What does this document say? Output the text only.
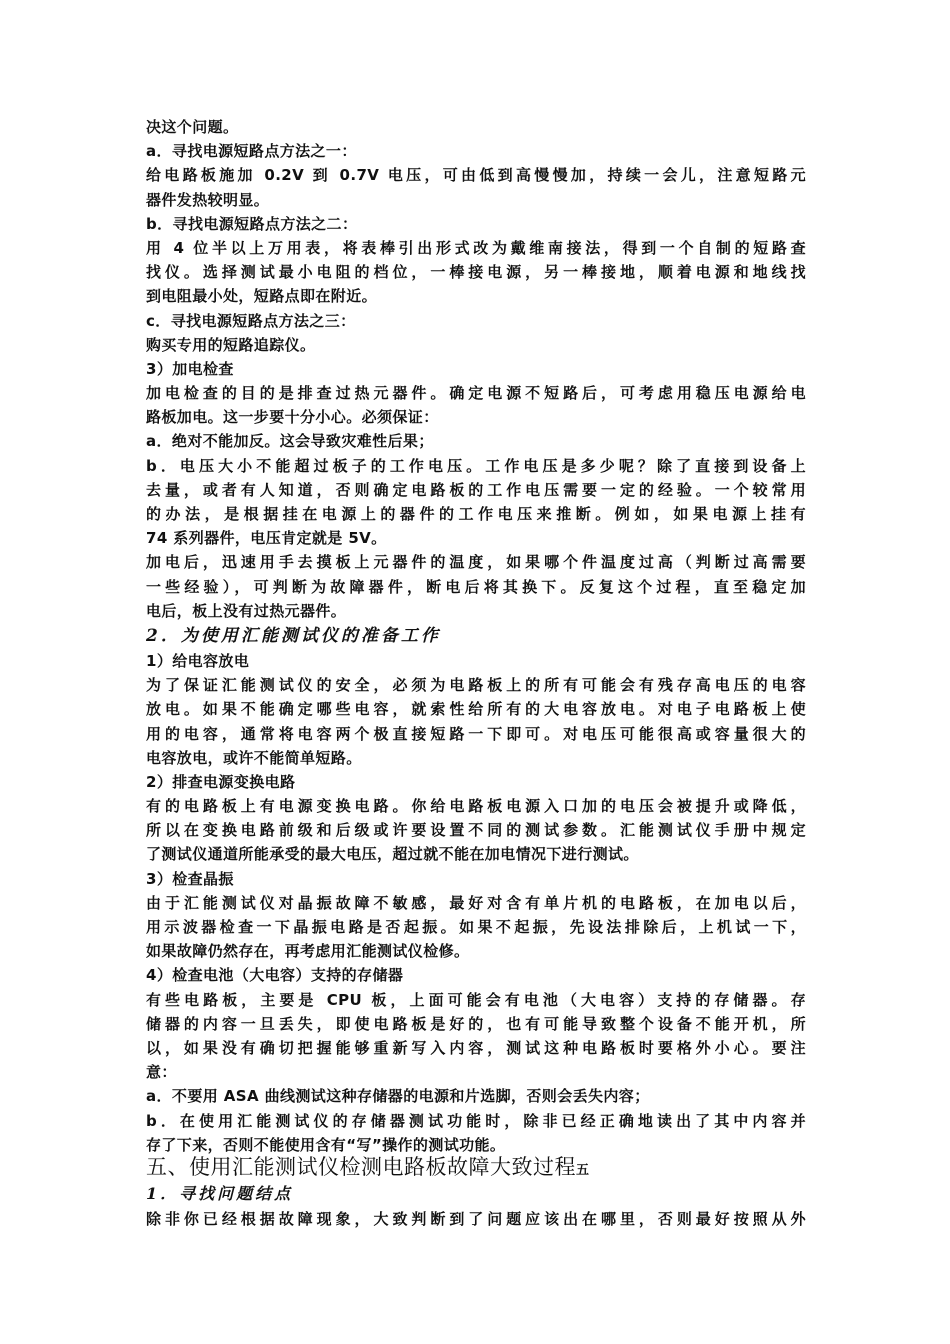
决这个问题。
a．寻找电源短路点方法之一：
给电路板施加 0.2V 到 0.7V 电压，可由低到高慢慢加，持续一会儿，注意短路元
器件发热较明显。
b．寻找电源短路点方法之二：
用 4 位半以上万用表，将表棒引出形式改为戴维南接法，得到一个自制的短路查
找仪。选择测试最小电阻的档位，一棒接电源，另一棒接地，顺着电源和地线找
到电阻最小处，短路点即在附近。
c．寻找电源短路点方法之三：
购买专用的短路追踪仪。
3）加电检查
加电检查的目的是排查过热元器件。确定电源不短路后，可考虑用稳压电源给电
路板加电。这一步要十分小心。必须保证：
a．绝对不能加反。这会导致灾难性后果；
b．电压大小不能超过板子的工作电压。工作电压是多少呢？除了直接到设备上
去量，或者有人知道，否则确定电路板的工作电压需要一定的经验。一个较常用
的办法，是根据挂在电源上的器件的工作电压来推断。例如，如果电源上挂有
74 系列器件，电压肯定就是 5V。
加电后，迅速用手去摸板上元器件的温度，如果哪个件温度过高（判断过高需要
一些经验），可判断为故障器件，断电后将其换下。反复这个过程，直至稳定加
电后，板上没有过热元器件。
2．为使用汇能测试仪的准备工作
1）给电容放电
为了保证汇能测试仪的安全，必须为电路板上的所有可能会有残存高电压的电容
放电。如果不能确定哪些电容，就索性给所有的大电容放电。对电子电路板上使
用的电容，通常将电容两个极直接短路一下即可。对电压可能很高或容量很大的
电容放电，或许不能简单短路。
2）排查电源变换电路
有的电路板上有电源变换电路。你给电路板电源入口加的电压会被提升或降低，
所以在变换电路前级和后级或许要设置不同的测试参数。汇能测试仪手册中规定
了测试仪通道所能承受的最大电压，超过就不能在加电情况下进行测试。
3）检查晶振
由于汇能测试仪对晶振故障不敏感，最好对含有单片机的电路板，在加电以后，
用示波器检查一下晶振电路是否起振。如果不起振，先设法排除后，上机试一下，
如果故障仍然存在，再考虑用汇能测试仪检修。
4）检查电池（大电容）支持的存储器
有些电路板，主要是 CPU 板，上面可能会有电池（大电容）支持的存储器。存
储器的内容一旦丢失，即使电路板是好的，也有可能导致整个设备不能开机，所
以，如果没有确切把握能够重新写入内容，测试这种电路板时要格外小心。要注
意：
a．不要用 ASA 曲线测试这种存储器的电源和片选脚，否则会丢失内容；
b．在使用汇能测试仪的存储器测试功能时，除非已经正确地读出了其中内容并
存了下来，否则不能使用含有“写”操作的测试功能。
五、使用汇能测试仪检测电路板故障大致过程五
1．寻找问题结点
除非你已经根据故障现象，大致判断到了问题应该出在哪里，否则最好按照从外
